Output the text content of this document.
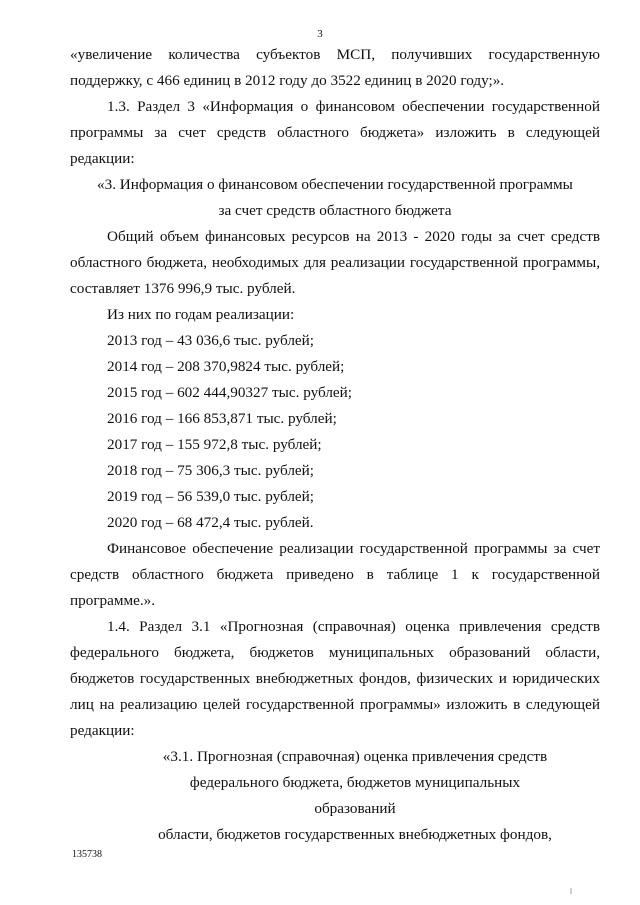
3

«увеличение количества субъектов МСП, получивших государственную поддержку, с 466 единиц в 2012 году до 3522 единиц в 2020 году;».

1.3. Раздел 3 «Информация о финансовом обеспечении государственной программы за счет средств областного бюджета» изложить в следующей редакции:

«3. Информация о финансовом обеспечении государственной программы

за счет средств областного бюджета

Общий объем финансовых ресурсов на 2013 - 2020 годы за счет средств областного бюджета, необходимых для реализации государственной программы, составляет 1376 996,9 тыс. рублей.

Из них по годам реализации:

2013 год – 43 036,6 тыс. рублей;

2014 год – 208 370,9824 тыс. рублей;

2015 год – 602 444,90327 тыс. рублей;

2016 год – 166 853,871 тыс. рублей;

2017 год – 155 972,8 тыс. рублей;

2018 год – 75 306,3 тыс. рублей;

2019 год – 56 539,0 тыс. рублей;

2020 год – 68 472,4 тыс. рублей.

Финансовое обеспечение реализации государственной программы за счет средств областного бюджета приведено в таблице 1 к государственной программе.».

1.4. Раздел 3.1 «Прогнозная (справочная) оценка привлечения средств федерального бюджета, бюджетов муниципальных образований области, бюджетов государственных внебюджетных фондов, физических и юридических лиц на реализацию целей государственной программы» изложить в следующей редакции:

«3.1. Прогнозная (справочная) оценка привлечения средств

федерального бюджета, бюджетов муниципальных образований

области, бюджетов государственных внебюджетных фондов,

135738
